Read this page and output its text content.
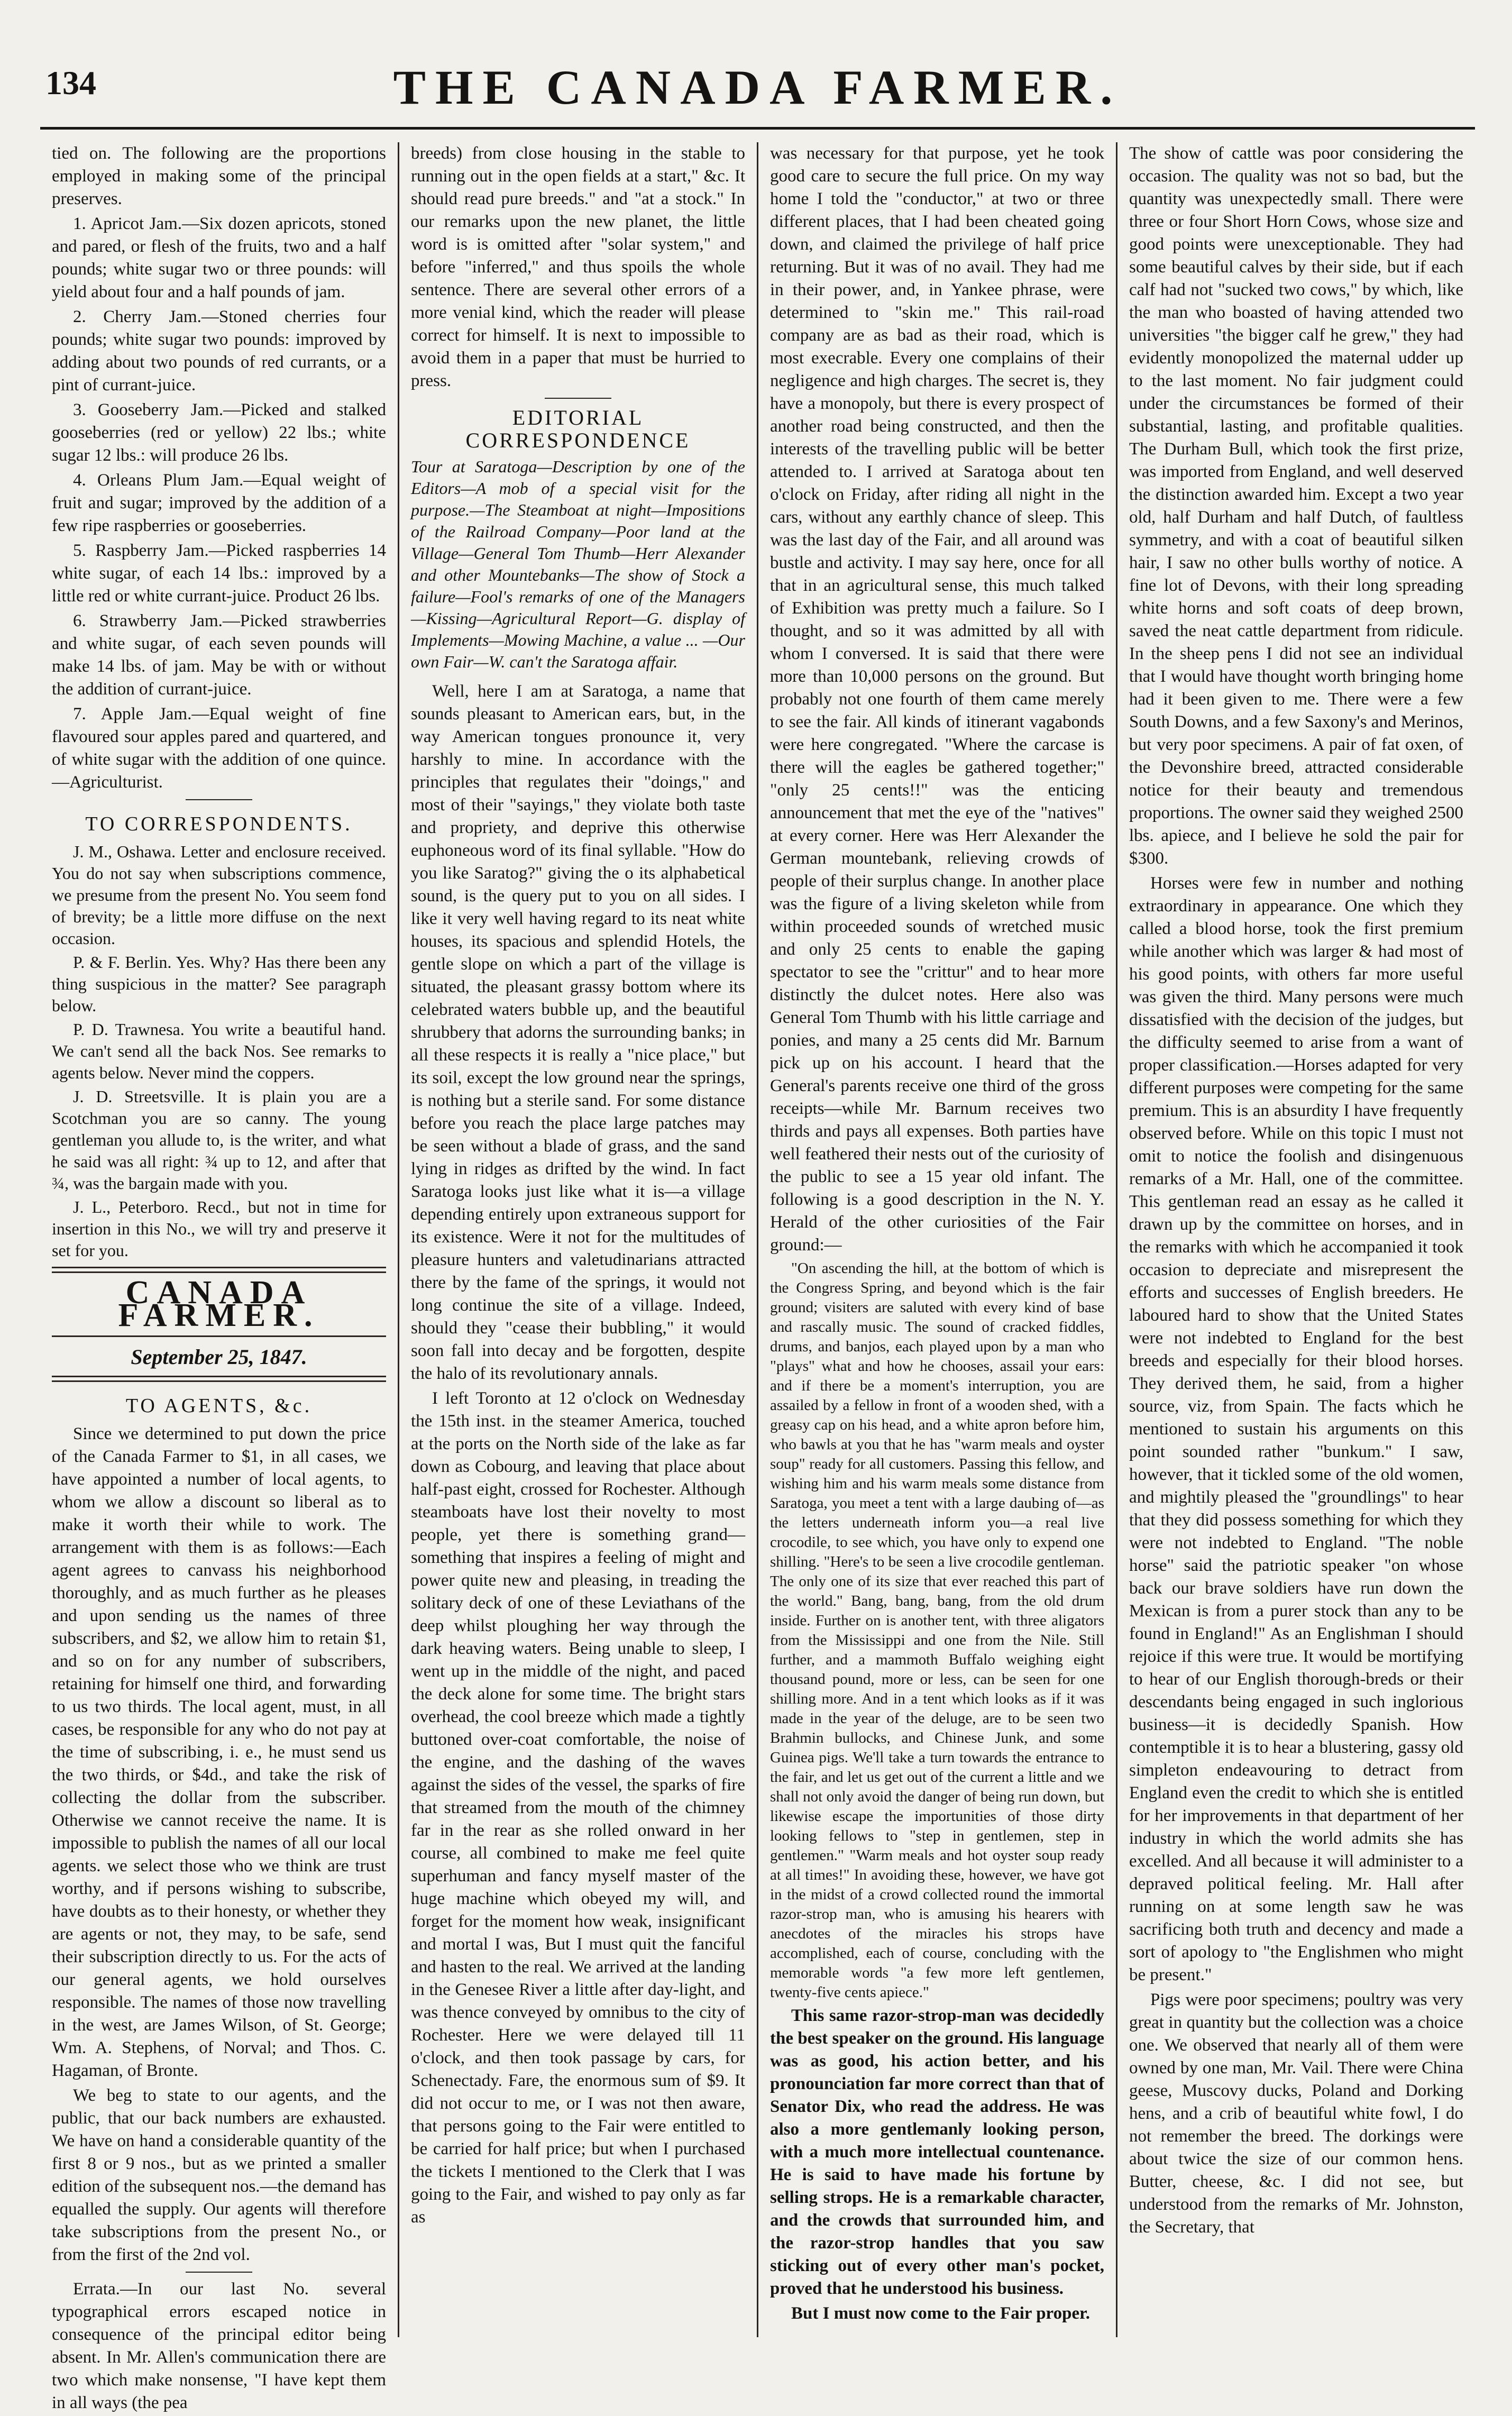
134	THE CANADA FARMER.

tied on. The following are the proportions employed in making some of the principal preserves.

1. Apricot Jam.—Six dozen apricots, stoned and pared, or flesh of the fruits, two and a half pounds; white sugar two or three pounds: will yield about four and a half pounds of jam.

2. Cherry Jam.—Stoned cherries four pounds; white sugar two pounds: improved by adding about two pounds of red currants, or a pint of currant-juice.

3. Gooseberry Jam.—Picked and stalked gooseberries (red or yellow) 22 lbs.; white sugar 12 lbs.: will produce 26 lbs.

4. Orleans Plum Jam.—Equal weight of fruit and sugar; improved by the addition of a few ripe raspberries or gooseberries.

5. Raspberry Jam.—Picked raspberries 14 white sugar, of each 14 lbs.: improved by a little red or white currant-juice. Product 26 lbs.

6. Strawberry Jam.—Picked strawberries and white sugar, of each seven pounds will make 14 lbs. of jam. May be with or without the addition of currant-juice.

7. Apple Jam.—Equal weight of fine flavoured sour apples pared and quartered, and of white sugar with the addition of one quince.—Agriculturist.

TO CORRESPONDENTS.

J. M., Oshawa. Letter and enclosure received. You do not say when subscriptions commence, we presume from the present No. You seem fond of brevity; be a little more diffuse on the next occasion.

P. & F. Berlin. Yes. Why? Has there been any thing suspicious in the matter? See paragraph below.

P. D. Trawnesa. You write a beautiful hand. We can't send all the back Nos. See remarks to agents below. Never mind the coppers.

J. D. Streetsville. It is plain you are a Scotchman you are so canny. The young gentleman you allude to, is the writer, and what he said was all right: ¾ up to 12, and after that ¾, was the bargain made with you.

J. L., Peterboro. Recd., but not in time for insertion in this No., we will try and preserve it set for you.

CANADA FARMER.
September 25, 1847.
TO AGENTS, &c.

Since we determined to put down the price of the Canada Farmer to $1, in all cases, we have appointed a number of local agents, to whom we allow a discount so liberal as to make it worth their while to work. The arrangement with them is as follows:—Each agent agrees to canvass his neighborhood thoroughly, and as much further as he pleases and upon sending us the names of three subscribers, and $2, we allow him to retain $1, and so on for any number of subscribers, retaining for himself one third, and forwarding to us two thirds. The local agent, must, in all cases, be responsible for any who do not pay at the time of subscribing, i. e., he must send us the two thirds, or $4d., and take the risk of collecting the dollar from the subscriber. Otherwise we cannot receive the name. It is impossible to publish the names of all our local agents. we select those who we think are trust worthy, and if persons wishing to subscribe, have doubts as to their honesty, or whether they are agents or not, they may, to be safe, send their subscription directly to us. For the acts of our general agents, we hold ourselves responsible. The names of those now travelling in the west, are James Wilson, of St. George; Wm. A. Stephens, of Norval; and Thos. C. Hagaman, of Bronte.

We beg to state to our agents, and the public, that our back numbers are exhausted. We have on hand a considerable quantity of the first 8 or 9 nos., but as we printed a smaller edition of the subsequent nos.—the demand has equalled the supply. Our agents will therefore take subscriptions from the present No., or from the first of the 2nd vol.

Errata.—In our last No. several typographical errors escaped notice in consequence of the principal editor being absent. In Mr. Allen's communication there are two which make nonsense, "I have kept them in all ways (the pea

breeds) from close housing in the stable to running out in the open fields at a start," &c. It should read pure breeds." and "at a stock." In our remarks upon the new planet, the little word is is omitted after "solar system," and before "inferred," and thus spoils the whole sentence. There are several other errors of a more venial kind, which the reader will please correct for himself. It is next to impossible to avoid them in a paper that must be hurried to press.

EDITORIAL CORRESPONDENCE
Tour at Saratoga—Description by one of the Editors—A mob of a special visit for the purpose.—The Steamboat at night—Impositions of the Railroad Company—Poor land at the Village—General Tom Thumb—Herr Alexander and other Mountebanks—The show of Stock a failure—Fool's remarks of one of the Managers—Kissing—Agricultural Report—G. display of Implements—Mowing Machine, a value ... —Our own Fair—W. can't the Saratoga affair.

Well, here I am at Saratoga, a name that sounds pleasant to American ears, but, in the way American tongues pronounce it, very harshly to mine. In accordance with the principles that regulates their "doings," and most of their "sayings," they violate both taste and propriety, and deprive this otherwise euphoneous word of its final syllable. "How do you like Saratog?" giving the o its alphabetical sound, is the query put to you on all sides. I like it very well having regard to its neat white houses, its spacious and splendid Hotels, the gentle slope on which a part of the village is situated, the pleasant grassy bottom where its celebrated waters bubble up, and the beautiful shrubbery that adorns the surrounding banks; in all these respects it is really a "nice place," but its soil, except the low ground near the springs, is nothing but a sterile sand. For some distance before you reach the place large patches may be seen without a blade of grass, and the sand lying in ridges as drifted by the wind. In fact Saratoga looks just like what it is—a village depending entirely upon extraneous support for its existence. Were it not for the multitudes of pleasure hunters and valetudinarians attracted there by the fame of the springs, it would not long continue the site of a village. Indeed, should they "cease their bubbling," it would soon fall into decay and be forgotten, despite the halo of its revolutionary annals.

I left Toronto at 12 o'clock on Wednesday the 15th inst. in the steamer America, touched at the ports on the North side of the lake as far down as Cobourg, and leaving that place about half-past eight, crossed for Rochester. Although steamboats have lost their novelty to most people, yet there is something grand—something that inspires a feeling of might and power quite new and pleasing, in treading the solitary deck of one of these Leviathans of the deep whilst ploughing her way through the dark heaving waters. Being unable to sleep, I went up in the middle of the night, and paced the deck alone for some time. The bright stars overhead, the cool breeze which made a tightly buttoned over-coat comfortable, the noise of the engine, and the dashing of the waves against the sides of the vessel, the sparks of fire that streamed from the mouth of the chimney far in the rear as she rolled onward in her course, all combined to make me feel quite superhuman and fancy myself master of the huge machine which obeyed my will, and forget for the moment how weak, insignificant and mortal I was, But I must quit the fanciful and hasten to the real. We arrived at the landing in the Genesee River a little after day-light, and was thence conveyed by omnibus to the city of Rochester. Here we were delayed till 11 o'clock, and then took passage by cars, for Schenectady. Fare, the enormous sum of $9. It did not occur to me, or I was not then aware, that persons going to the Fair were entitled to be carried for half price; but when I purchased the tickets I mentioned to the Clerk that I was going to the Fair, and wished to pay only as far as

was necessary for that purpose, yet he took good care to secure the full price. On my way home I told the "conductor," at two or three different places, that I had been cheated going down, and claimed the privilege of half price returning. But it was of no avail. They had me in their power, and, in Yankee phrase, were determined to "skin me." This rail-road company are as bad as their road, which is most execrable. Every one complains of their negligence and high charges. The secret is, they have a monopoly, but there is every prospect of another road being constructed, and then the interests of the travelling public will be better attended to. I arrived at Saratoga about ten o'clock on Friday, after riding all night in the cars, without any earthly chance of sleep. This was the last day of the Fair, and all around was bustle and activity. I may say here, once for all that in an agricultural sense, this much talked of Exhibition was pretty much a failure. So I thought, and so it was admitted by all with whom I conversed. It is said that there were more than 10,000 persons on the ground. But probably not one fourth of them came merely to see the fair. All kinds of itinerant vagabonds were here congregated. "Where the carcase is there will the eagles be gathered together;" "only 25 cents!!" was the enticing announcement that met the eye of the "natives" at every corner. Here was Herr Alexander the German mountebank, relieving crowds of people of their surplus change. In another place was the figure of a living skeleton while from within proceeded sounds of wretched music and only 25 cents to enable the gaping spectator to see the "crittur" and to hear more distinctly the dulcet notes. Here also was General Tom Thumb with his little carriage and ponies, and many a 25 cents did Mr. Barnum pick up on his account. I heard that the General's parents receive one third of the gross receipts—while Mr. Barnum receives two thirds and pays all expenses. Both parties have well feathered their nests out of the curiosity of the public to see a 15 year old infant. The following is a good description in the N. Y. Herald of the other curiosities of the Fair ground:—

"On ascending the hill, at the bottom of which is the Congress Spring, and beyond which is the fair ground; visiters are saluted with every kind of base and rascally music. The sound of cracked fiddles, drums, and banjos, each played upon by a man who "plays" what and how he chooses, assail your ears: and if there be a moment's interruption, you are assailed by a fellow in front of a wooden shed, with a greasy cap on his head, and a white apron before him, who bawls at you that he has "warm meals and oyster soup" ready for all customers. Passing this fellow, and wishing him and his warm meals some distance from Saratoga, you meet a tent with a large daubing of—as the letters underneath inform you—a real live crocodile, to see which, you have only to expend one shilling. "Here's to be seen a live crocodile gentleman. The only one of its size that ever reached this part of the world." Bang, bang, bang, from the old drum inside. Further on is another tent, with three aligators from the Mississippi and one from the Nile. Still further, and a mammoth Buffalo weighing eight thousand pound, more or less, can be seen for one shilling more. And in a tent which looks as if it was made in the year of the deluge, are to be seen two Brahmin bullocks, and Chinese Junk, and some Guinea pigs. We'll take a turn towards the entrance to the fair, and let us get out of the current a little and we shall not only avoid the danger of being run down, but likewise escape the importunities of those dirty looking fellows to "step in gentlemen, step in gentlemen." "Warm meals and hot oyster soup ready at all times!" In avoiding these, however, we have got in the midst of a crowd collected round the immortal razor-strop man, who is amusing his hearers with anecdotes of the miracles his strops have accomplished, each of course, concluding with the memorable words "a few more left gentlemen, twenty-five cents apiece."

This same razor-strop-man was decidedly the best speaker on the ground. His language was as good, his action better, and his pronounciation far more correct than that of Senator Dix, who read the address. He was also a more gentlemanly looking person, with a much more intellectual countenance. He is said to have made his fortune by selling strops. He is a remarkable character, and the crowds that surrounded him, and the razor-strop handles that you saw sticking out of every other man's pocket, proved that he understood his business.

But I must now come to the Fair proper.

The show of cattle was poor considering the occasion. The quality was not so bad, but the quantity was unexpectedly small. There were three or four Short Horn Cows, whose size and good points were unexceptionable. They had some beautiful calves by their side, but if each calf had not "sucked two cows," by which, like the man who boasted of having attended two universities "the bigger calf he grew," they had evidently monopolized the maternal udder up to the last moment. No fair judgment could under the circumstances be formed of their substantial, lasting, and profitable qualities. The Durham Bull, which took the first prize, was imported from England, and well deserved the distinction awarded him. Except a two year old, half Durham and half Dutch, of faultless symmetry, and with a coat of beautiful silken hair, I saw no other bulls worthy of notice. A fine lot of Devons, with their long spreading white horns and soft coats of deep brown, saved the neat cattle department from ridicule. In the sheep pens I did not see an individual that I would have thought worth bringing home had it been given to me. There were a few South Downs, and a few Saxony's and Merinos, but very poor specimens. A pair of fat oxen, of the Devonshire breed, attracted considerable notice for their beauty and tremendous proportions. The owner said they weighed 2500 lbs. apiece, and I believe he sold the pair for $300.

Horses were few in number and nothing extraordinary in appearance. One which they called a blood horse, took the first premium while another which was larger & had most of his good points, with others far more useful was given the third. Many persons were much dissatisfied with the decision of the judges, but the difficulty seemed to arise from a want of proper classification.—Horses adapted for very different purposes were competing for the same premium. This is an absurdity I have frequently observed before. While on this topic I must not omit to notice the foolish and disingenuous remarks of a Mr. Hall, one of the committee. This gentleman read an essay as he called it drawn up by the committee on horses, and in the remarks with which he accompanied it took occasion to depreciate and misrepresent the efforts and successes of English breeders. He laboured hard to show that the United States were not indebted to England for the best breeds and especially for their blood horses. They derived them, he said, from a higher source, viz, from Spain. The facts which he mentioned to sustain his arguments on this point sounded rather "bunkum." I saw, however, that it tickled some of the old women, and mightily pleased the "groundlings" to hear that they did possess something for which they were not indebted to England. "The noble horse" said the patriotic speaker "on whose back our brave soldiers have run down the Mexican is from a purer stock than any to be found in England!" As an Englishman I should rejoice if this were true. It would be mortifying to hear of our English thorough-breds or their descendants being engaged in such inglorious business—it is decidedly Spanish. How contemptible it is to hear a blustering, gassy old simpleton endeavouring to detract from England even the credit to which she is entitled for her improvements in that department of her industry in which the world admits she has excelled. And all because it will administer to a depraved political feeling. Mr. Hall after running on at some length saw he was sacrificing both truth and decency and made a sort of apology to "the Englishmen who might be present."

Pigs were poor specimens; poultry was very great in quantity but the collection was a choice one. We observed that nearly all of them were owned by one man, Mr. Vail. There were China geese, Muscovy ducks, Poland and Dorking hens, and a crib of beautiful white fowl, I do not remember the breed. The dorkings were about twice the size of our common hens. Butter, cheese, &c. I did not see, but understood from the remarks of Mr. Johnston, the Secretary, that
